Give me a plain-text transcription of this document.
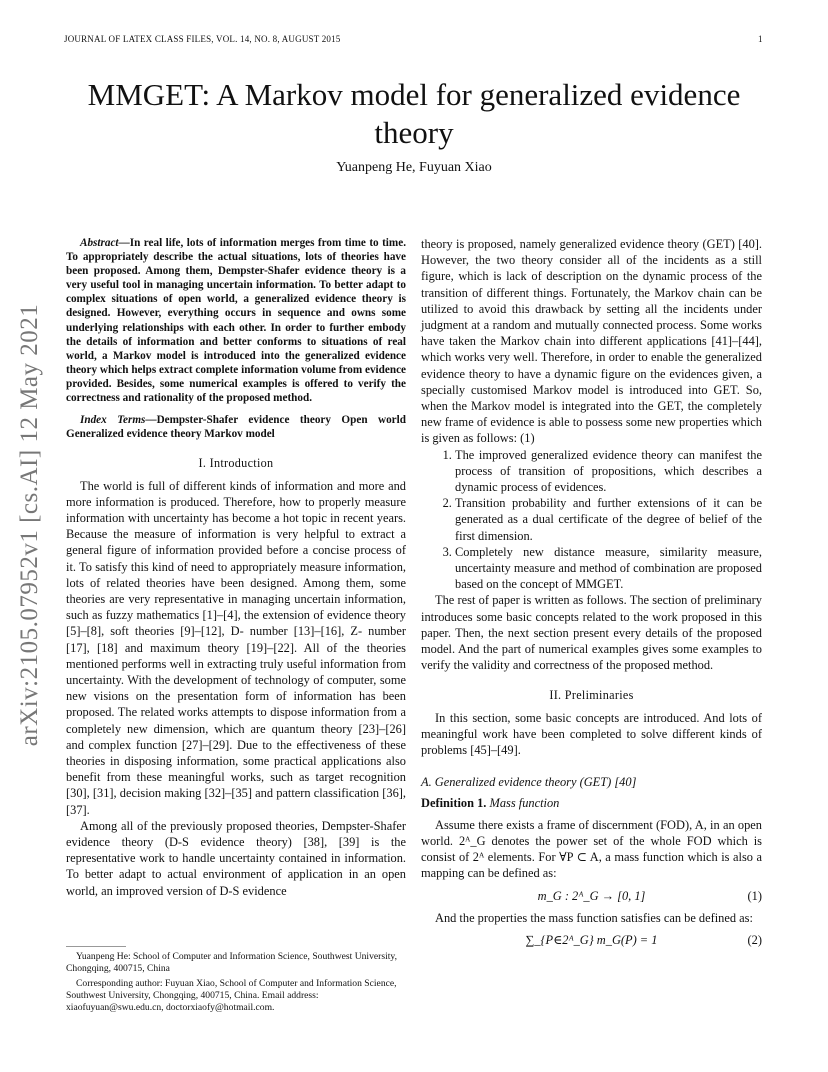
JOURNAL OF LATEX CLASS FILES, VOL. 14, NO. 8, AUGUST 2015	1
arXiv:2105.07952v1 [cs.AI] 12 May 2021
MMGET: A Markov model for generalized evidence theory
Yuanpeng He, Fuyuan Xiao

Abstract—In real life, lots of information merges from time to time. To appropriately describe the actual situations, lots of theories have been proposed. Among them, Dempster-Shafer evidence theory is a very useful tool in managing uncertain information. To better adapt to complex situations of open world, a generalized evidence theory is designed. However, everything occurs in sequence and owns some underlying relationships with each other. In order to further embody the details of information and better conforms to situations of real world, a Markov model is introduced into the generalized evidence theory which helps extract complete information volume from evidence provided. Besides, some numerical examples is offered to verify the correctness and rationality of the proposed method.

Index Terms—Dempster-Shafer evidence theory Open world Generalized evidence theory Markov model

I. Introduction

The world is full of different kinds of information and more and more information is produced. Therefore, how to properly measure information with uncertainty has become a hot topic in recent years. Because the measure of information is very helpful to extract a general figure of information provided before a concise process of it. To satisfy this kind of need to appropriately measure information, lots of related theories have been designed. Among them, some theories are very representative in managing uncertain information, such as fuzzy mathematics [1]–[4], the extension of evidence theory [5]–[8], soft theories [9]–[12], D- number [13]–[16], Z- number [17], [18] and maximum theory [19]–[22]. All of the theories mentioned performs well in extracting truly useful information from uncertainty. With the development of technology of computer, some new visions on the presentation form of information has been proposed. The related works attempts to dispose information from a completely new dimension, which are quantum theory [23]–[26] and complex function [27]–[29]. Due to the effectiveness of these theories in disposing information, some practical applications also benefit from these meaningful works, such as target recognition [30], [31], decision making [32]–[35] and pattern classification [36], [37].

Among all of the previously proposed theories, Dempster-Shafer evidence theory (D-S evidence theory) [38], [39] is the representative work to handle uncertainty contained in information. To better adapt to actual environment of application in an open world, an improved version of D-S evidence

theory is proposed, namely generalized evidence theory (GET) [40]. However, the two theory consider all of the incidents as a still figure, which is lack of description on the dynamic process of the transition of different things. Fortunately, the Markov chain can be utilized to avoid this drawback by setting all the incidents under judgment at a random and mutually connected process. Some works have taken the Markov chain into different applications [41]–[44], which works very well. Therefore, in order to enable the generalized evidence theory to have a dynamic figure on the evidences given, a specially customised Markov model is introduced into GET. So, when the Markov model is integrated into the GET, the completely new frame of evidence is able to possess some new properties which is given as follows: (1)

1. The improved generalized evidence theory can manifest the process of transition of propositions, which describes a dynamic process of evidences.
2. Transition probability and further extensions of it can be generated as a dual certificate of the degree of belief of the first dimension.
3. Completely new distance measure, similarity measure, uncertainty measure and method of combination are proposed based on the concept of MMGET.

The rest of paper is written as follows. The section of preliminary introduces some basic concepts related to the work proposed in this paper. Then, the next section present every details of the proposed model. And the part of numerical examples gives some examples to verify the validity and correctness of the proposed method.

II. Preliminaries

In this section, some basic concepts are introduced. And lots of meaningful work have been completed to solve different kinds of problems [45]–[49].

A. Generalized evidence theory (GET) [40]

Definition 1. Mass function

Assume there exists a frame of discernment (FOD), A, in an open world. 2ᴬ_G denotes the power set of the whole FOD which is consist of 2ᴬ elements. For ∀P ⊂ A, a mass function which is also a mapping can be defined as:

m_G : 2ᴬ_G → [0, 1]	(1)

And the properties the mass function satisfies can be defined as:

∑_{P∈2ᴬ_G} m_G(P) = 1	(2)

Yuanpeng He: School of Computer and Information Science, Southwest University, Chongqing, 400715, China

Corresponding author: Fuyuan Xiao, School of Computer and Information Science, Southwest University, Chongqing, 400715, China. Email address: xiaofuyuan@swu.edu.cn, doctorxiaofy@hotmail.com.
